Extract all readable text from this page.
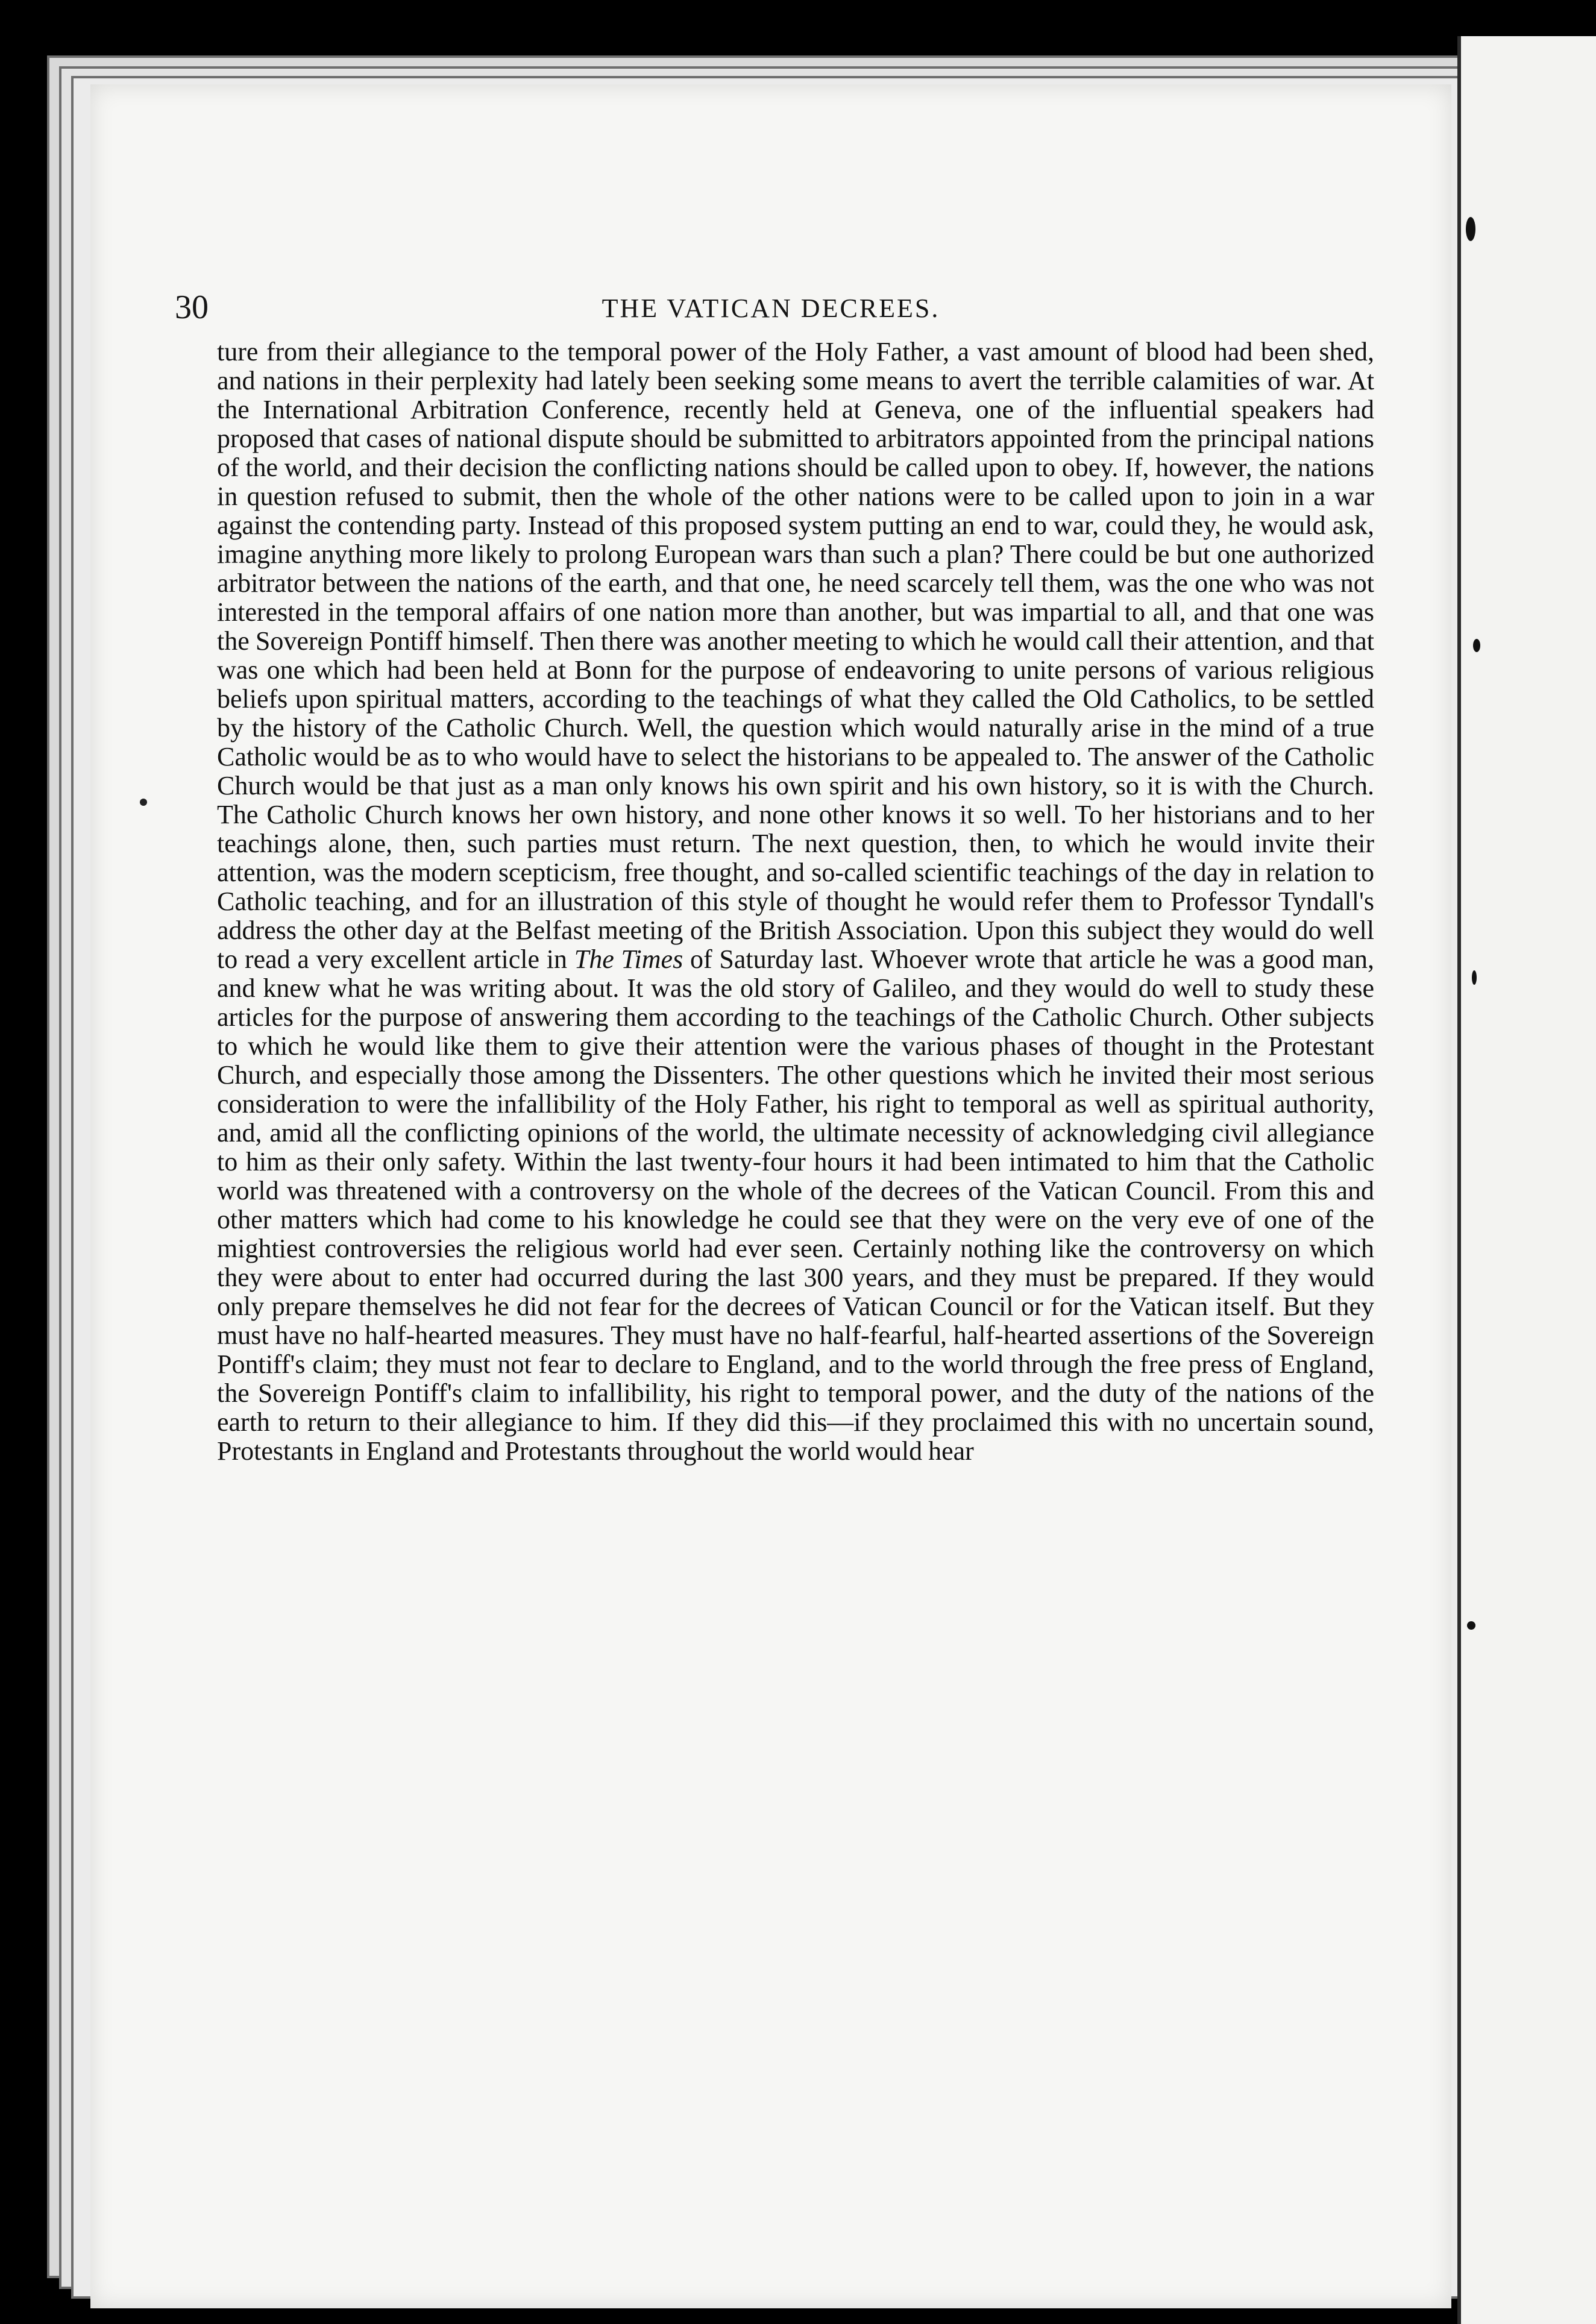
30	THE VATICAN DECREES.

ture from their allegiance to the temporal power of the Holy Father, a vast amount of blood had been shed, and nations in their perplexity had lately been seeking some means to avert the terrible calamities of war. At the International Arbitration Conference, recently held at Geneva, one of the influential speakers had proposed that cases of national dispute should be submitted to arbitrators appointed from the principal nations of the world, and their decision the conflicting nations should be called upon to obey. If, however, the nations in question refused to submit, then the whole of the other nations were to be called upon to join in a war against the contending party. Instead of this proposed system putting an end to war, could they, he would ask, imagine anything more likely to prolong European wars than such a plan? There could be but one authorized arbitrator between the nations of the earth, and that one, he need scarcely tell them, was the one who was not interested in the temporal affairs of one nation more than another, but was impartial to all, and that one was the Sovereign Pontiff himself. Then there was another meeting to which he would call their attention, and that was one which had been held at Bonn for the purpose of endeavoring to unite persons of various religious beliefs upon spiritual matters, according to the teachings of what they called the Old Catholics, to be settled by the history of the Catholic Church. Well, the question which would naturally arise in the mind of a true Catholic would be as to who would have to select the historians to be appealed to. The answer of the Catholic Church would be that just as a man only knows his own spirit and his own history, so it is with the Church. The Catholic Church knows her own history, and none other knows it so well. To her historians and to her teachings alone, then, such parties must return. The next question, then, to which he would invite their attention, was the modern scepticism, free thought, and so-called scientific teachings of the day in relation to Catholic teaching, and for an illustration of this style of thought he would refer them to Professor Tyndall's address the other day at the Belfast meeting of the British Association. Upon this subject they would do well to read a very excellent article in The Times of Saturday last. Whoever wrote that article he was a good man, and knew what he was writing about. It was the old story of Galileo, and they would do well to study these articles for the purpose of answering them according to the teachings of the Catholic Church. Other subjects to which he would like them to give their attention were the various phases of thought in the Protestant Church, and especially those among the Dissenters. The other questions which he invited their most serious consideration to were the infallibility of the Holy Father, his right to temporal as well as spiritual authority, and, amid all the conflicting opinions of the world, the ultimate necessity of acknowledging civil allegiance to him as their only safety. Within the last twenty-four hours it had been intimated to him that the Catholic world was threatened with a controversy on the whole of the decrees of the Vatican Council. From this and other matters which had come to his knowledge he could see that they were on the very eve of one of the mightiest controversies the religious world had ever seen. Certainly nothing like the controversy on which they were about to enter had occurred during the last 300 years, and they must be prepared. If they would only prepare themselves he did not fear for the decrees of Vatican Council or for the Vatican itself. But they must have no half-hearted measures. They must have no half-fearful, half-hearted assertions of the Sovereign Pontiff's claim; they must not fear to declare to England, and to the world through the free press of England, the Sovereign Pontiff's claim to infallibility, his right to temporal power, and the duty of the nations of the earth to return to their allegiance to him. If they did this—if they proclaimed this with no uncertain sound, Protestants in England and Protestants throughout the world would hear
